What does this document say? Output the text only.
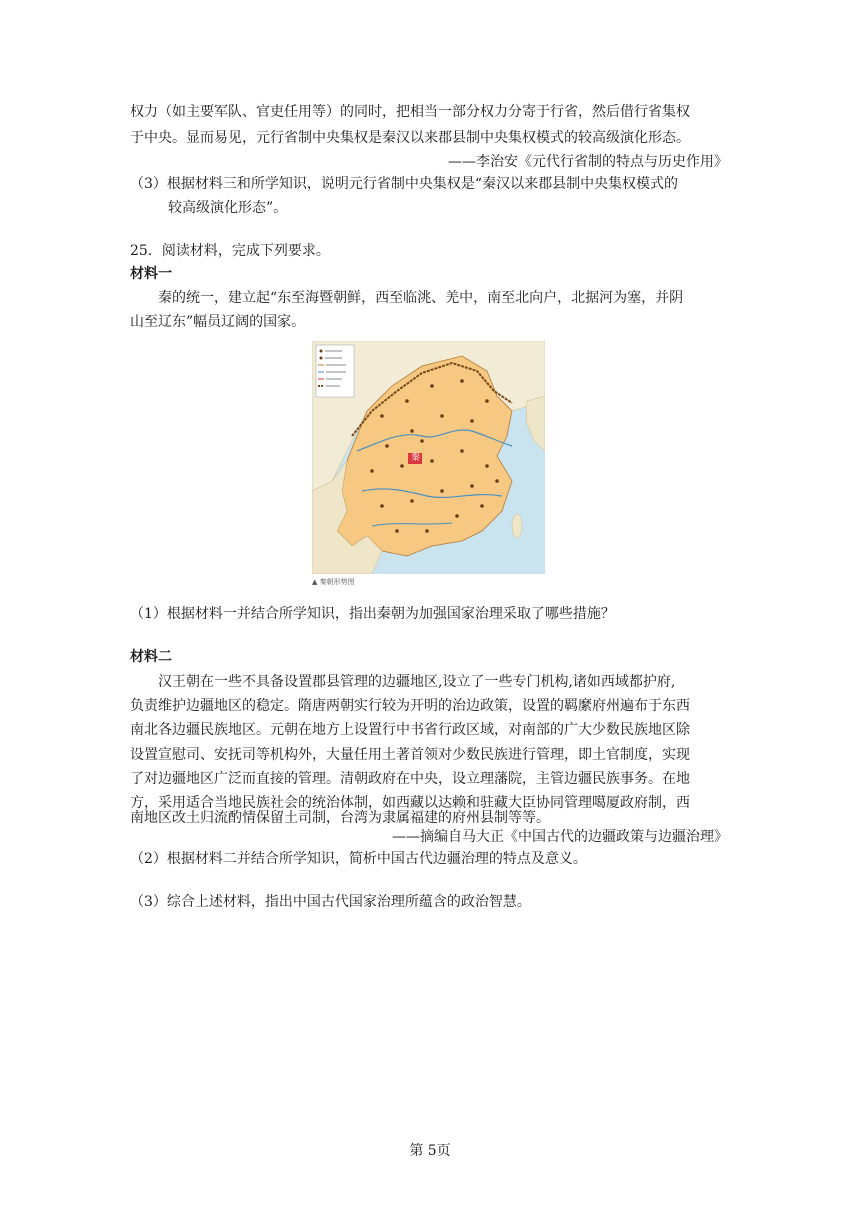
权力（如主要军队、官吏任用等）的同时，把相当一部分权力分寄于行省，然后借行省集权
于中央。显而易见，元行省制中央集权是秦汉以来郡县制中央集权模式的较高级演化形态。
——李治安《元代行省制的特点与历史作用》
（3）根据材料三和所学知识，说明元行省制中央集权是“秦汉以来郡县制中央集权模式的
较高级演化形态”。
25．阅读材料，完成下列要求。
材料一
秦的统一，建立起“东至海暨朝鲜，西至临洮、羌中，南至北向户，北据河为塞，并阴
山至辽东”幅员辽阔的国家。
秦
▲ 秦朝形势图
（1）根据材料一并结合所学知识，指出秦朝为加强国家治理采取了哪些措施？
材料二
汉王朝在一些不具备设置郡县管理的边疆地区,设立了一些专门机构,诸如西域都护府,
负责维护边疆地区的稳定。隋唐两朝实行较为开明的治边政策，设置的羁縻府州遍布于东西
南北各边疆民族地区。元朝在地方上设置行中书省行政区域，对南部的广大少数民族地区除
设置宣慰司、安抚司等机构外，大量任用土著首领对少数民族进行管理，即土官制度，实现
了对边疆地区广泛而直接的管理。清朝政府在中央，设立理藩院，主管边疆民族事务。在地
方，采用适合当地民族社会的统治体制，如西藏以达赖和驻藏大臣协同管理噶厦政府制，西
南地区改土归流酌情保留土司制，台湾为隶属福建的府州县制等等。
——摘编自马大正《中国古代的边疆政策与边疆治理》
（2）根据材料二并结合所学知识，简析中国古代边疆治理的特点及意义。
（3）综合上述材料，指出中国古代国家治理所蕴含的政治智慧。
第 5页
